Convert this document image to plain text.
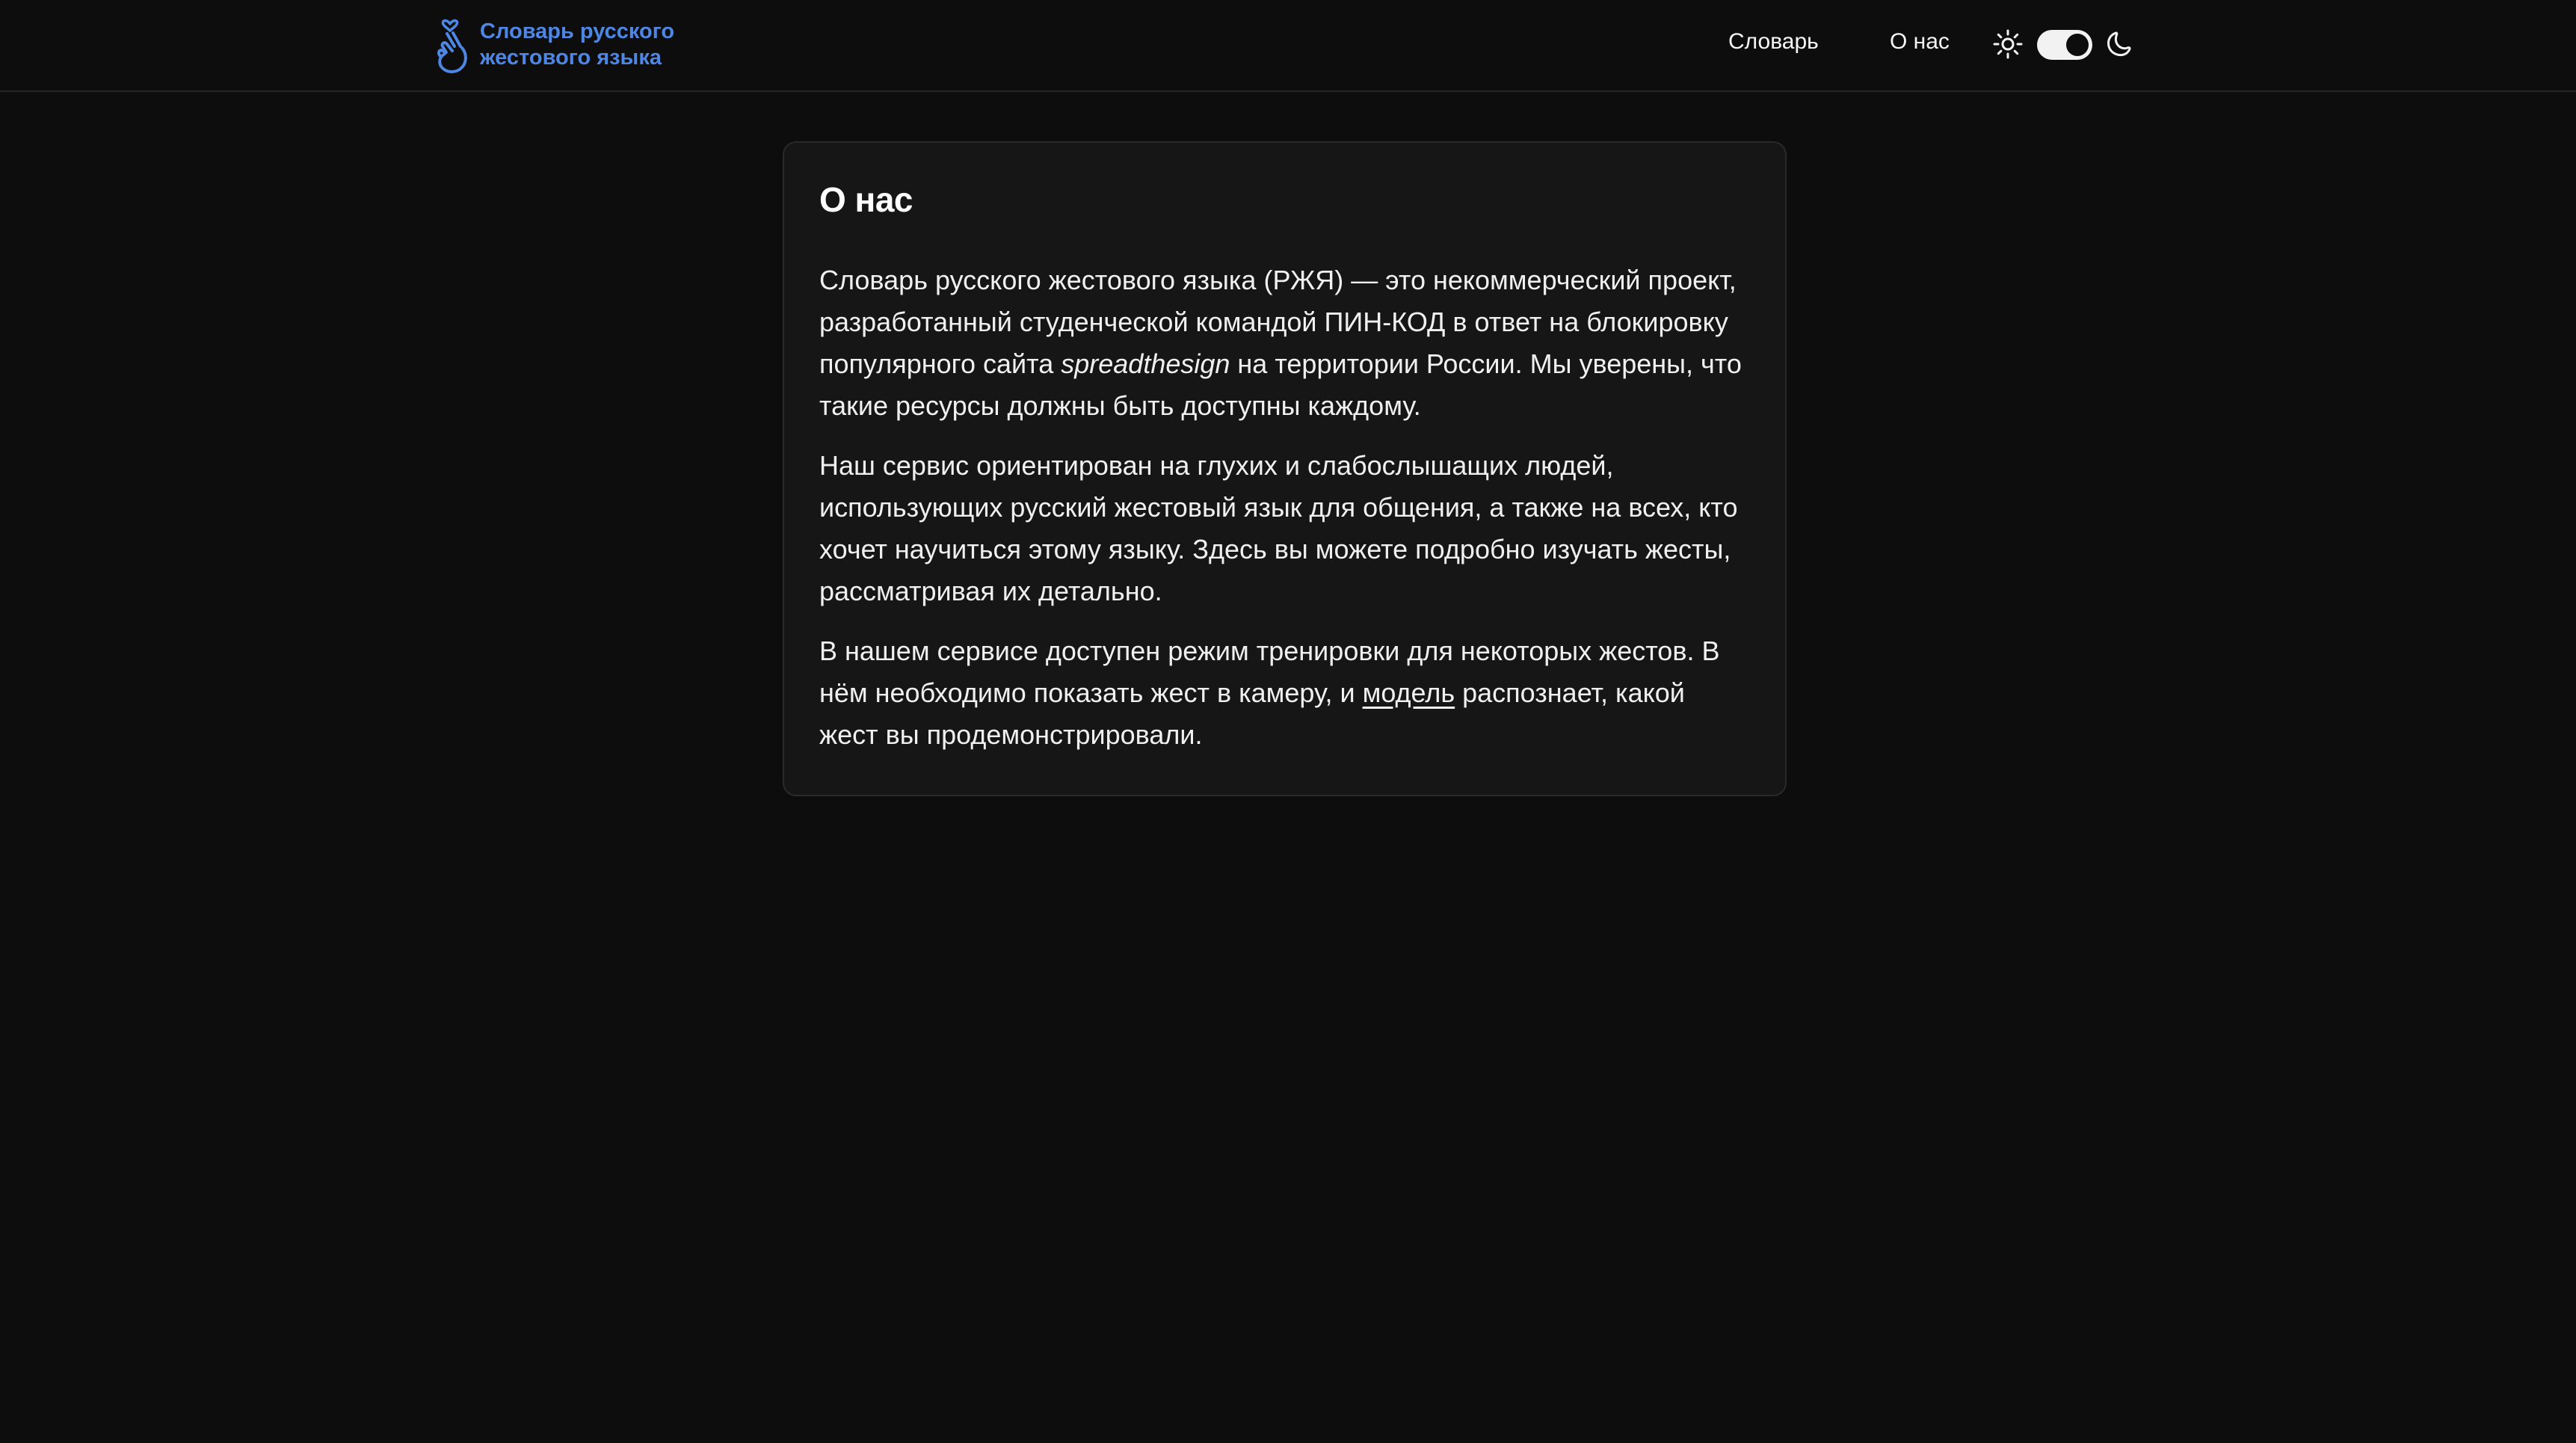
Словарь русского
жестового языка
Словарь	О нас
О нас

Словарь русского жестового языка (РЖЯ) — это некоммерческий проект, разработанный студенческой командой ПИН-КОД в ответ на блокировку популярного сайта spreadthesign на территории России. Мы уверены, что такие ресурсы должны быть доступны каждому.

Наш сервис ориентирован на глухих и слабослышащих людей, использующих русский жестовый язык для общения, а также на всех, кто хочет научиться этому языку. Здесь вы можете подробно изучать жесты, рассматривая их детально.

В нашем сервисе доступен режим тренировки для некоторых жестов. В нём необходимо показать жест в камеру, и модель распознает, какой жест вы продемонстрировали.
